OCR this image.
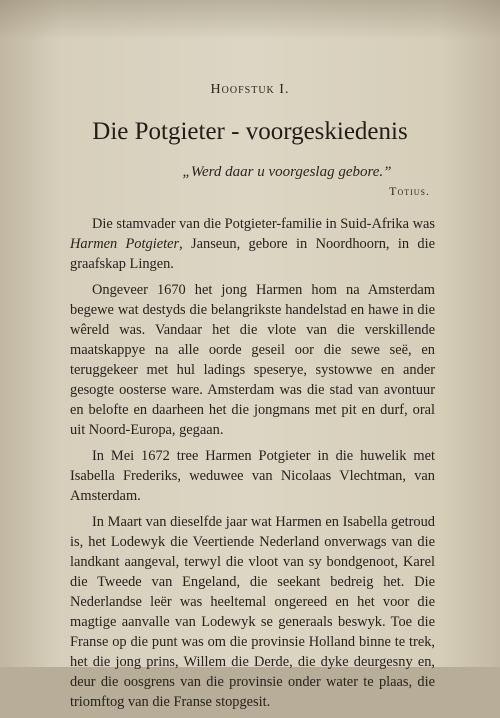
Hoofstuk I.
Die Potgieter - voorgeskiedenis
„Werd daar u voorgeslag gebore.”
Totius.

Die stamvader van die Potgieter-familie in Suid-Afrika was Harmen Potgieter, Janseun, gebore in Noordhoorn, in die graafskap Lingen.

Ongeveer 1670 het jong Harmen hom na Amsterdam begewe wat destyds die belangrikste handelstad en hawe in die wêreld was. Vandaar het die vlote van die verskillende maatskappye na alle oorde geseil oor die sewe seë, en teruggekeer met hul ladings speserye, systowwe en ander gesogte oosterse ware. Amsterdam was die stad van avontuur en belofte en daarheen het die jongmans met pit en durf, oral uit Noord-Europa, gegaan.

In Mei 1672 tree Harmen Potgieter in die huwelik met Isabella Frederiks, weduwee van Nicolaas Vlechtman, van Amsterdam.

In Maart van dieselfde jaar wat Harmen en Isabella getroud is, het Lodewyk die Veertiende Nederland onverwags van die landkant aangeval, terwyl die vloot van sy bondgenoot, Karel die Tweede van Engeland, die seekant bedreig het. Die Nederlandse leër was heeltemal ongereed en het voor die magtige aanvalle van Lodewyk se generaals beswyk. Toe die Franse op die punt was om die provinsie Holland binne te trek, het die jong prins, Willem die Derde, die dyke deurgesny en, deur die oosgrens van die provinsie onder water te plaas, die triomftog van die Franse stopgesit.
